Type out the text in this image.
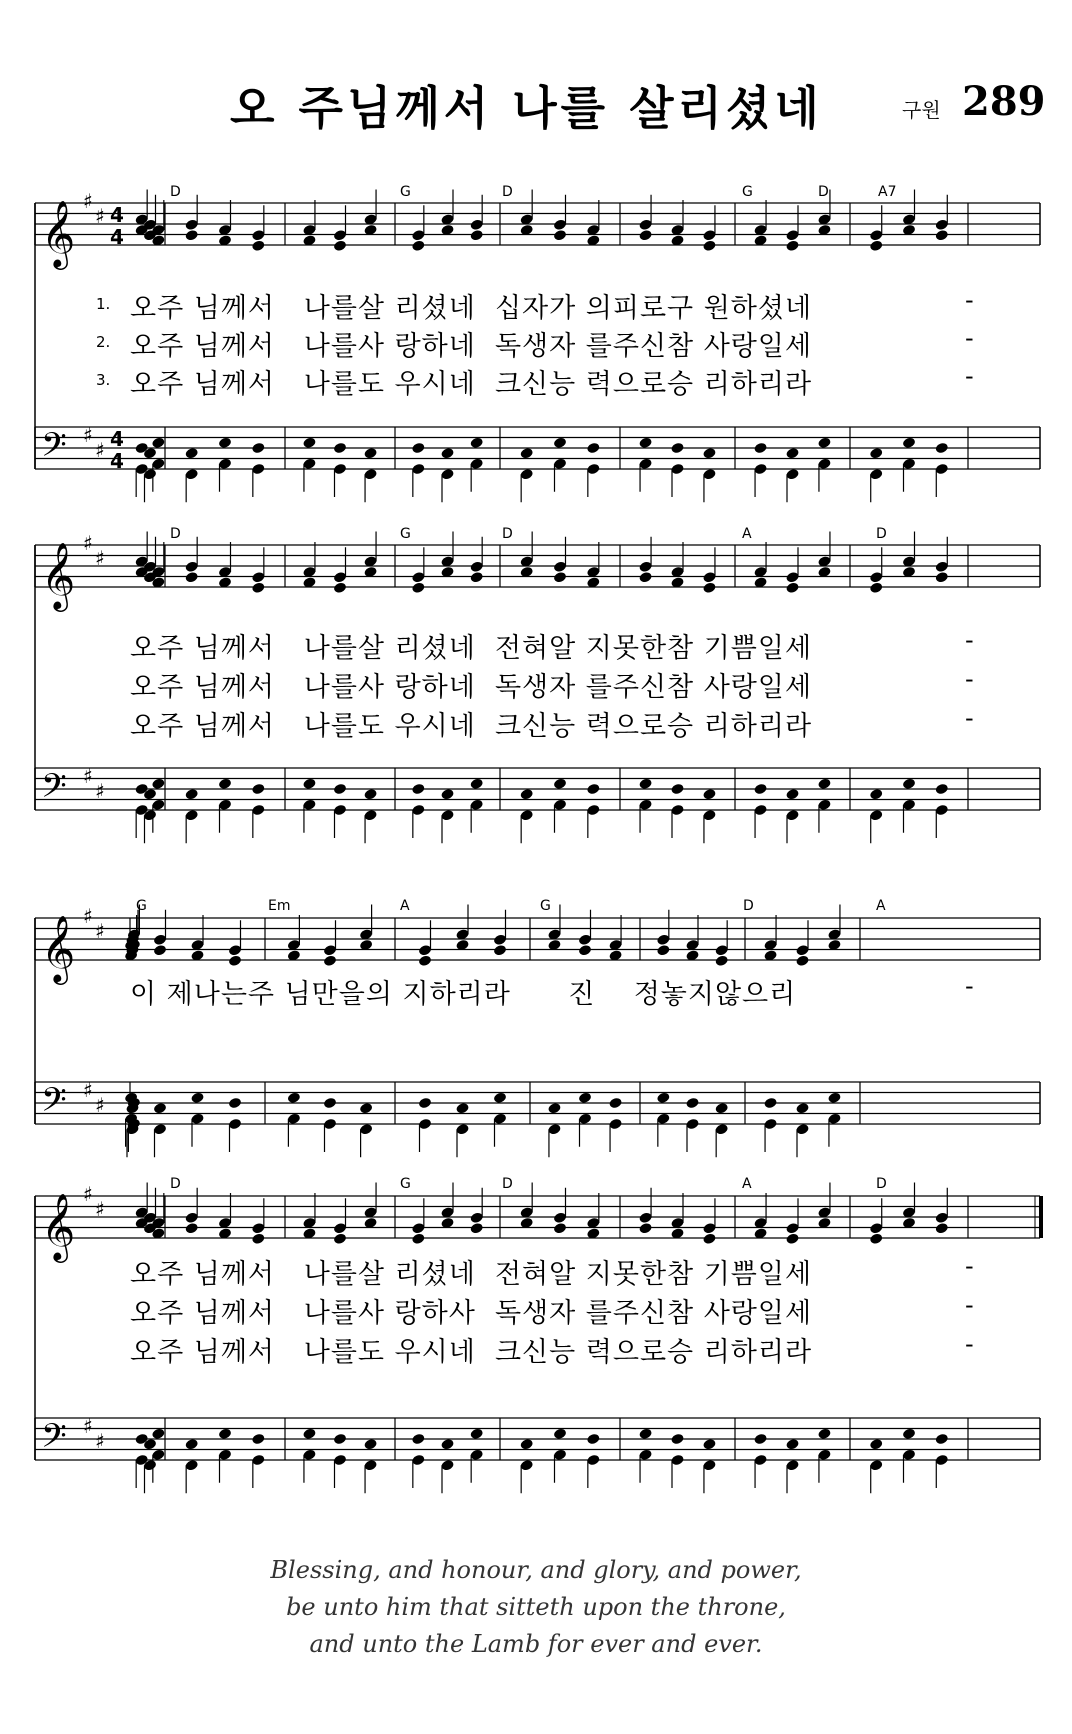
오 주님께서 나를 살리셨네	구원 289
𝄞 ♯
♯
𝄢 ♯
♯
4
4
4
4
D	G	D	G	D	A7
𝄞 ♯
♯
𝄢 ♯
♯
D	G	D	A	D
𝄞 ♯
♯
𝄢 ♯
♯
G	Em	A	G	D	A
𝄞 ♯
♯
𝄢 ♯
♯
D	G	D	A	D
1. 오주 님께서   나를살 리셨네  십자가 의피로구 원하셨네	-
2. 오주 님께서   나를사 랑하네  독생자 를주신참 사랑일세	-
3. 오주 님께서   나를도 우시네  크신능 력으로승 리하리라	-
오주 님께서   나를살 리셨네  전혀알 지못한참 기쁨일세	-
오주 님께서   나를사 랑하네  독생자 를주신참 사랑일세	-
오주 님께서   나를도 우시네  크신능 력으로승 리하리라	-
이 제나는주 님만을의 지하리라      진    정놓지않으리	-
오주 님께서   나를살 리셨네  전혀알 지못한참 기쁨일세	-
오주 님께서   나를사 랑하사  독생자 를주신참 사랑일세	-
오주 님께서   나를도 우시네  크신능 력으로승 리하리라	-
Blessing, and honour, and glory, and power,
be unto him that sitteth upon the throne,
and unto the Lamb for ever and ever.
